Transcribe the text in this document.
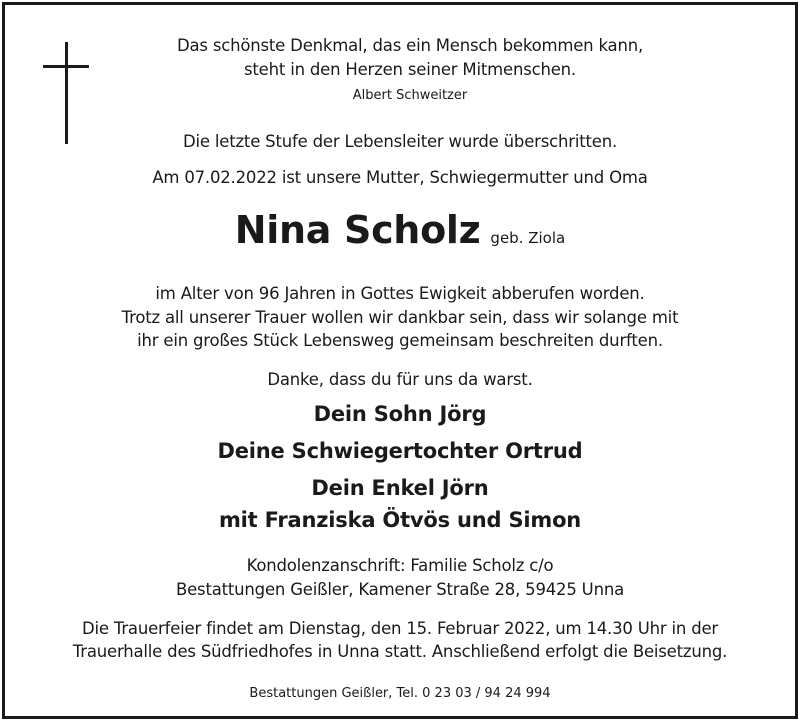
Das schönste Denkmal, das ein Mensch bekommen kann,
steht in den Herzen seiner Mitmenschen.
Albert Schweitzer
Die letzte Stufe der Lebensleiter wurde überschritten.
Am 07.02.2022 ist unsere Mutter, Schwiegermutter und Oma
Nina Scholz geb. Ziola
im Alter von 96 Jahren in Gottes Ewigkeit abberufen worden.
Trotz all unserer Trauer wollen wir dankbar sein, dass wir solange mit
ihr ein großes Stück Lebensweg gemeinsam beschreiten durften.
Danke, dass du für uns da warst.
Dein Sohn Jörg
Deine Schwiegertochter Ortrud
Dein Enkel Jörn
mit Franziska Ötvös und Simon
Kondolenzanschrift: Familie Scholz c/o
Bestattungen Geißler, Kamener Straße 28, 59425 Unna
Die Trauerfeier findet am Dienstag, den 15. Februar 2022, um 14.30 Uhr in der
Trauerhalle des Südfriedhofes in Unna statt. Anschließend erfolgt die Beisetzung.
Bestattungen Geißler, Tel. 0 23 03 / 94 24 994
